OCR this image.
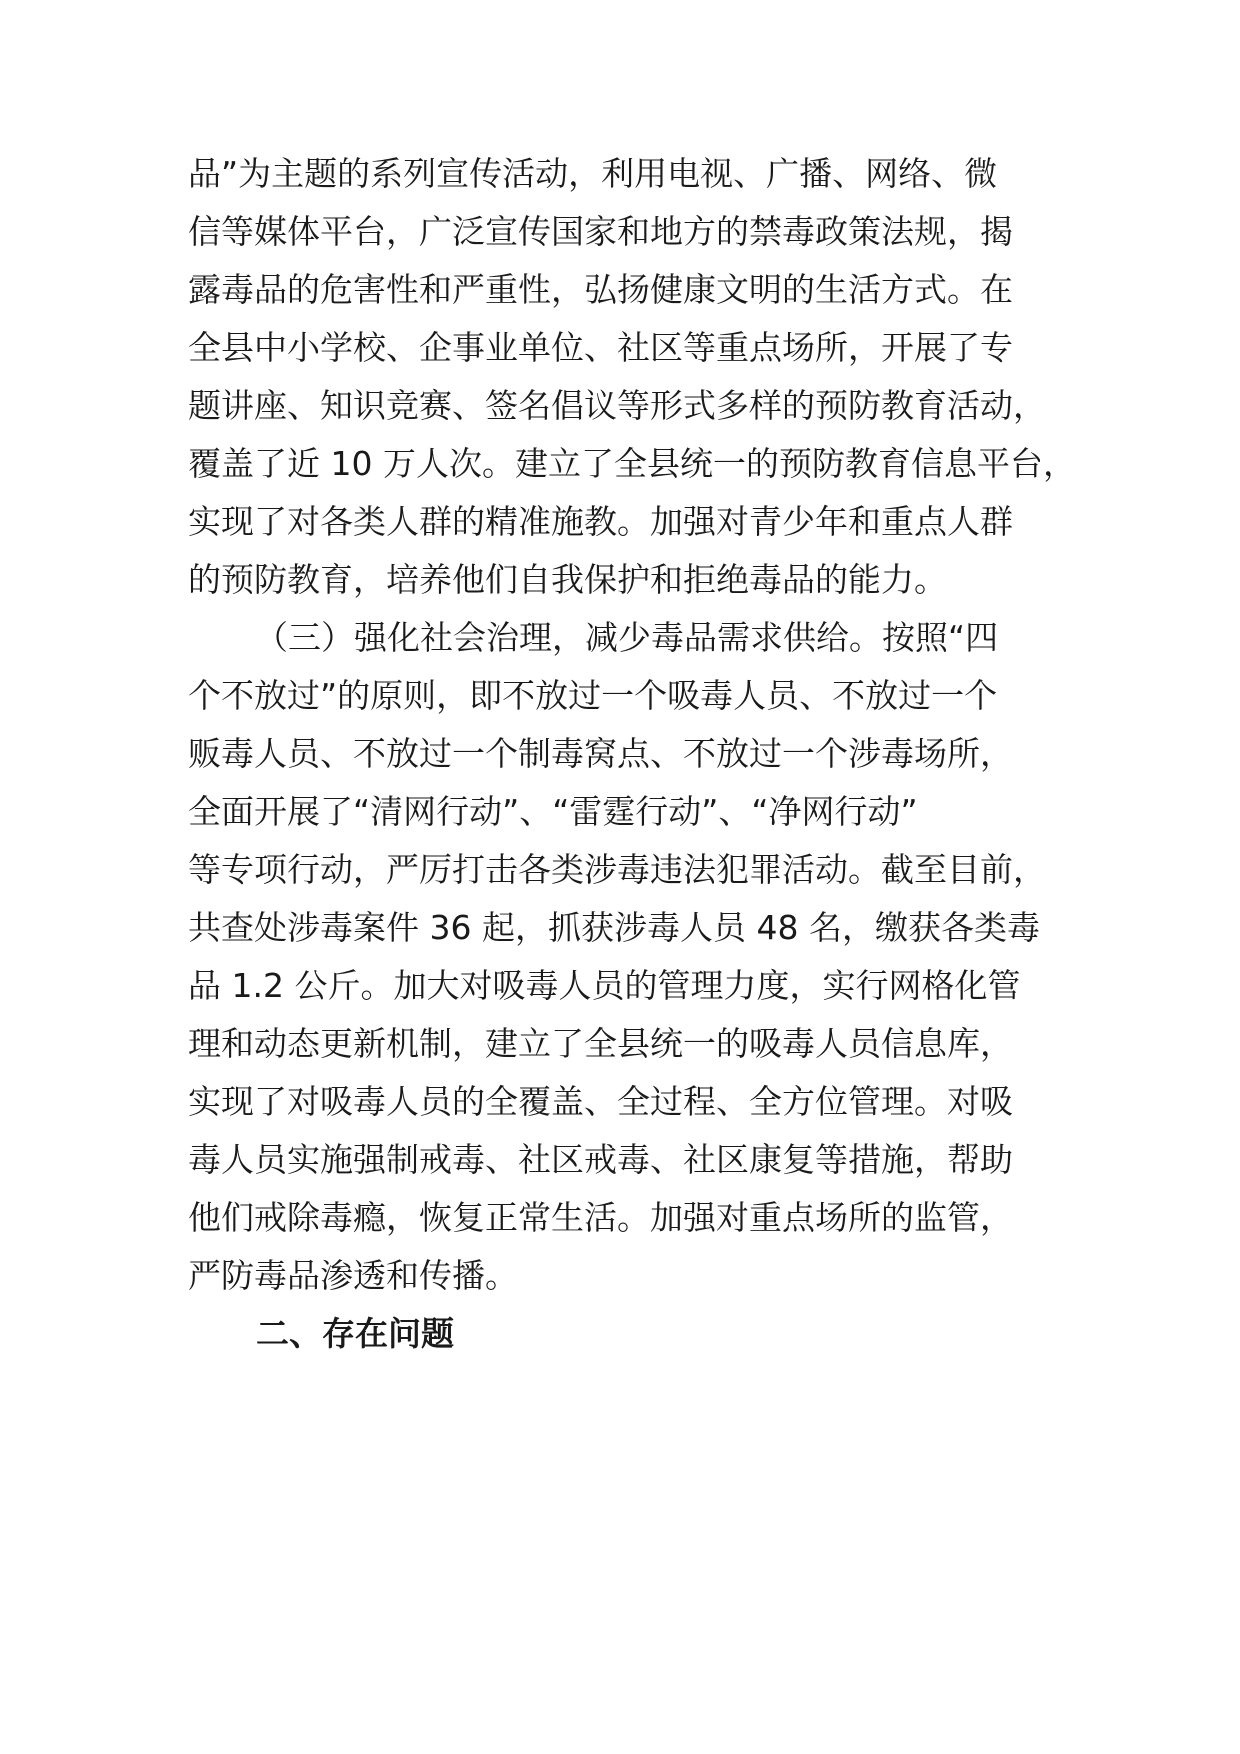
品”为主题的系列宣传活动，利用电视、广播、网络、微
信等媒体平台，广泛宣传国家和地方的禁毒政策法规，揭
露毒品的危害性和严重性，弘扬健康文明的生活方式。在
全县中小学校、企事业单位、社区等重点场所，开展了专
题讲座、知识竞赛、签名倡议等形式多样的预防教育活动，
覆盖了近 10 万人次。建立了全县统一的预防教育信息平台，
实现了对各类人群的精准施教。加强对青少年和重点人群
的预防教育，培养他们自我保护和拒绝毒品的能力。
（三）强化社会治理，减少毒品需求供给。按照“四
个不放过”的原则，即不放过一个吸毒人员、不放过一个
贩毒人员、不放过一个制毒窝点、不放过一个涉毒场所，
全面开展了“清网行动”、“雷霆行动”、“净网行动”
等专项行动，严厉打击各类涉毒违法犯罪活动。截至目前，
共查处涉毒案件 36 起，抓获涉毒人员 48 名，缴获各类毒
品 1.2 公斤。加大对吸毒人员的管理力度，实行网格化管
理和动态更新机制，建立了全县统一的吸毒人员信息库，
实现了对吸毒人员的全覆盖、全过程、全方位管理。对吸
毒人员实施强制戒毒、社区戒毒、社区康复等措施，帮助
他们戒除毒瘾，恢复正常生活。加强对重点场所的监管，
严防毒品渗透和传播。
二、存在问题
